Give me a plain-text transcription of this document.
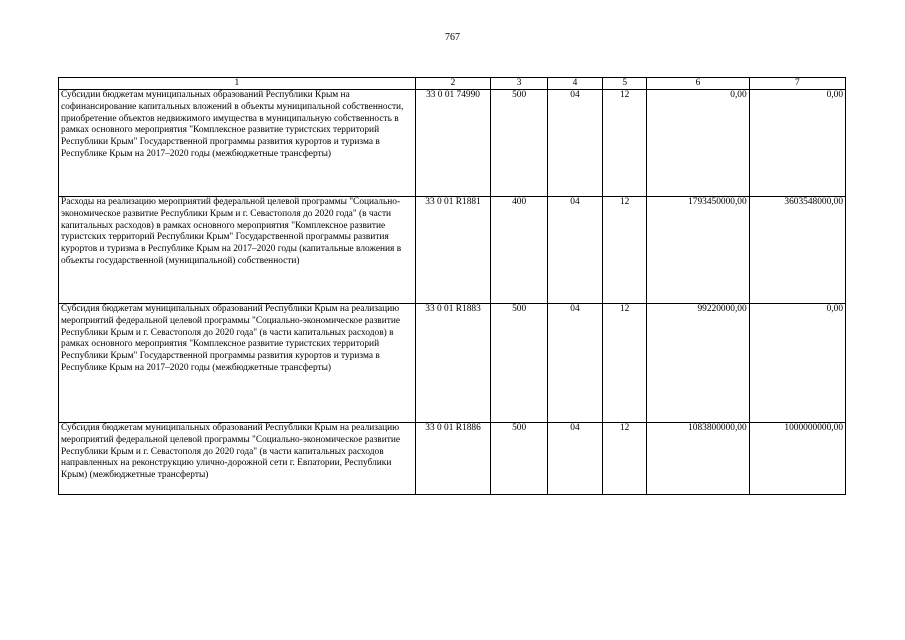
767
1	2	3	4	5	6	7
Субсидии бюджетам муниципальных образований Республики Крым на софинансирование капитальных вложений в объекты муниципальной собственности, приобретение объектов недвижимого имущества в муниципальную собственность в рамках основного мероприятия "Комплексное развитие туристских территорий Республики Крым" Государственной программы развития курортов и туризма в Республике Крым на 2017–2020 годы (межбюджетные трансферты)	33 0 01 74990	500	04	12	0,00	0,00
Расходы на реализацию мероприятий федеральной целевой программы "Социально-экономическое развитие Республики Крым и г. Севастополя до 2020 года" (в части капитальных расходов) в рамках основного мероприятия "Комплексное развитие туристских территорий Республики Крым" Государственной программы развития курортов и туризма в Республике Крым на 2017–2020 годы (капитальные вложения в объекты государственной (муниципальной) собственности)	33 0 01 R1881	400	04	12	1793450000,00	3603548000,00
Субсидия бюджетам муниципальных образований Республики Крым на реализацию мероприятий федеральной целевой программы "Социально-экономическое развитие Республики Крым и г. Севастополя до 2020 года" (в части капитальных расходов) в рамках основного мероприятия "Комплексное развитие туристских территорий Республики Крым" Государственной программы развития курортов и туризма в Республике Крым на 2017–2020 годы (межбюджетные трансферты)	33 0 01 R1883	500	04	12	99220000,00	0,00
Субсидия бюджетам муниципальных образований Республики Крым на реализацию мероприятий федеральной целевой программы "Социально-экономическое развитие Республики Крым и г. Севастополя до 2020 года" (в части капитальных расходов направленных на реконструкцию улично-дорожной сети г. Евпатории, Республики Крым) (межбюджетные трансферты)	33 0 01 R1886	500	04	12	1083800000,00	1000000000,00
